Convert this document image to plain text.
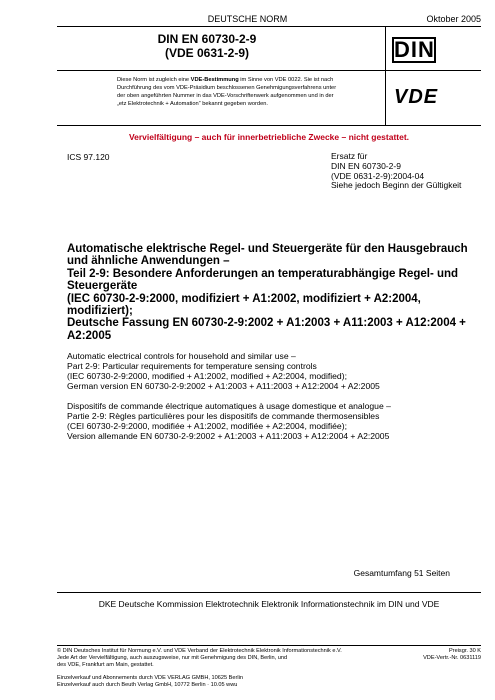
DEUTSCHE NORM	Oktober 2005
DIN EN 60730-2-9
(VDE 0631-2-9)	DIN
Diese Norm ist zugleich eine VDE-Bestimmung im Sinne von VDE 0022. Sie ist nach
Durchführung des vom VDE-Präsidium beschlossenen Genehmigungsverfahrens unter
der oben angeführten Nummer in das VDE-Vorschriftenwerk aufgenommen und in der
„etz Elektrotechnik + Automation“ bekannt gegeben worden.	VDE
Vervielfältigung – auch für innerbetriebliche Zwecke – nicht gestattet.
ICS 97.120	Ersatz für
DIN EN 60730-2-9
(VDE 0631-2-9):2004-04
Siehe jedoch Beginn der Gültigkeit
Automatische elektrische Regel- und Steuergeräte für den Hausgebrauch
und ähnliche Anwendungen –
Teil 2-9: Besondere Anforderungen an temperaturabhängige Regel- und
Steuergeräte
(IEC 60730-2-9:2000, modifiziert + A1:2002, modifiziert + A2:2004,
modifiziert);
Deutsche Fassung EN 60730-2-9:2002 + A1:2003 + A11:2003 + A12:2004 +
A2:2005
Automatic electrical controls for household and similar use –
Part 2-9: Particular requirements for temperature sensing controls
(IEC 60730-2-9:2000, modified + A1:2002, modified + A2:2004, modified);
German version EN 60730-2-9:2002 + A1:2003 + A11:2003 + A12:2004 + A2:2005
Dispositifs de commande électrique automatiques à usage domestique et analogue –
Partie 2-9: Règles particulières pour les dispositifs de commande thermosensibles
(CEI 60730-2-9:2000, modifiée + A1:2002, modifiée + A2:2004, modifiée);
Version allemande EN 60730-2-9:2002 + A1:2003 + A11:2003 + A12:2004 + A2:2005
Gesamtumfang 51 Seiten
DKE Deutsche Kommission Elektrotechnik Elektronik Informationstechnik im DIN und VDE
© DIN Deutsches Institut für Normung e.V. und VDE Verband der Elektrotechnik Elektronik Informationstechnik e.V.
Jede Art der Vervielfältigung, auch auszugsweise, nur mit Genehmigung des DIN, Berlin, und
des VDE, Frankfurt am Main, gestattet.
Preisgr. 30 K
VDE-Vertr.-Nr. 0631119
Einzelverkauf und Abonnements durch VDE VERLAG GMBH, 10625 Berlin
Einzelverkauf auch durch Beuth Verlag GmbH, 10772 Berlin · 10.05 wwu
